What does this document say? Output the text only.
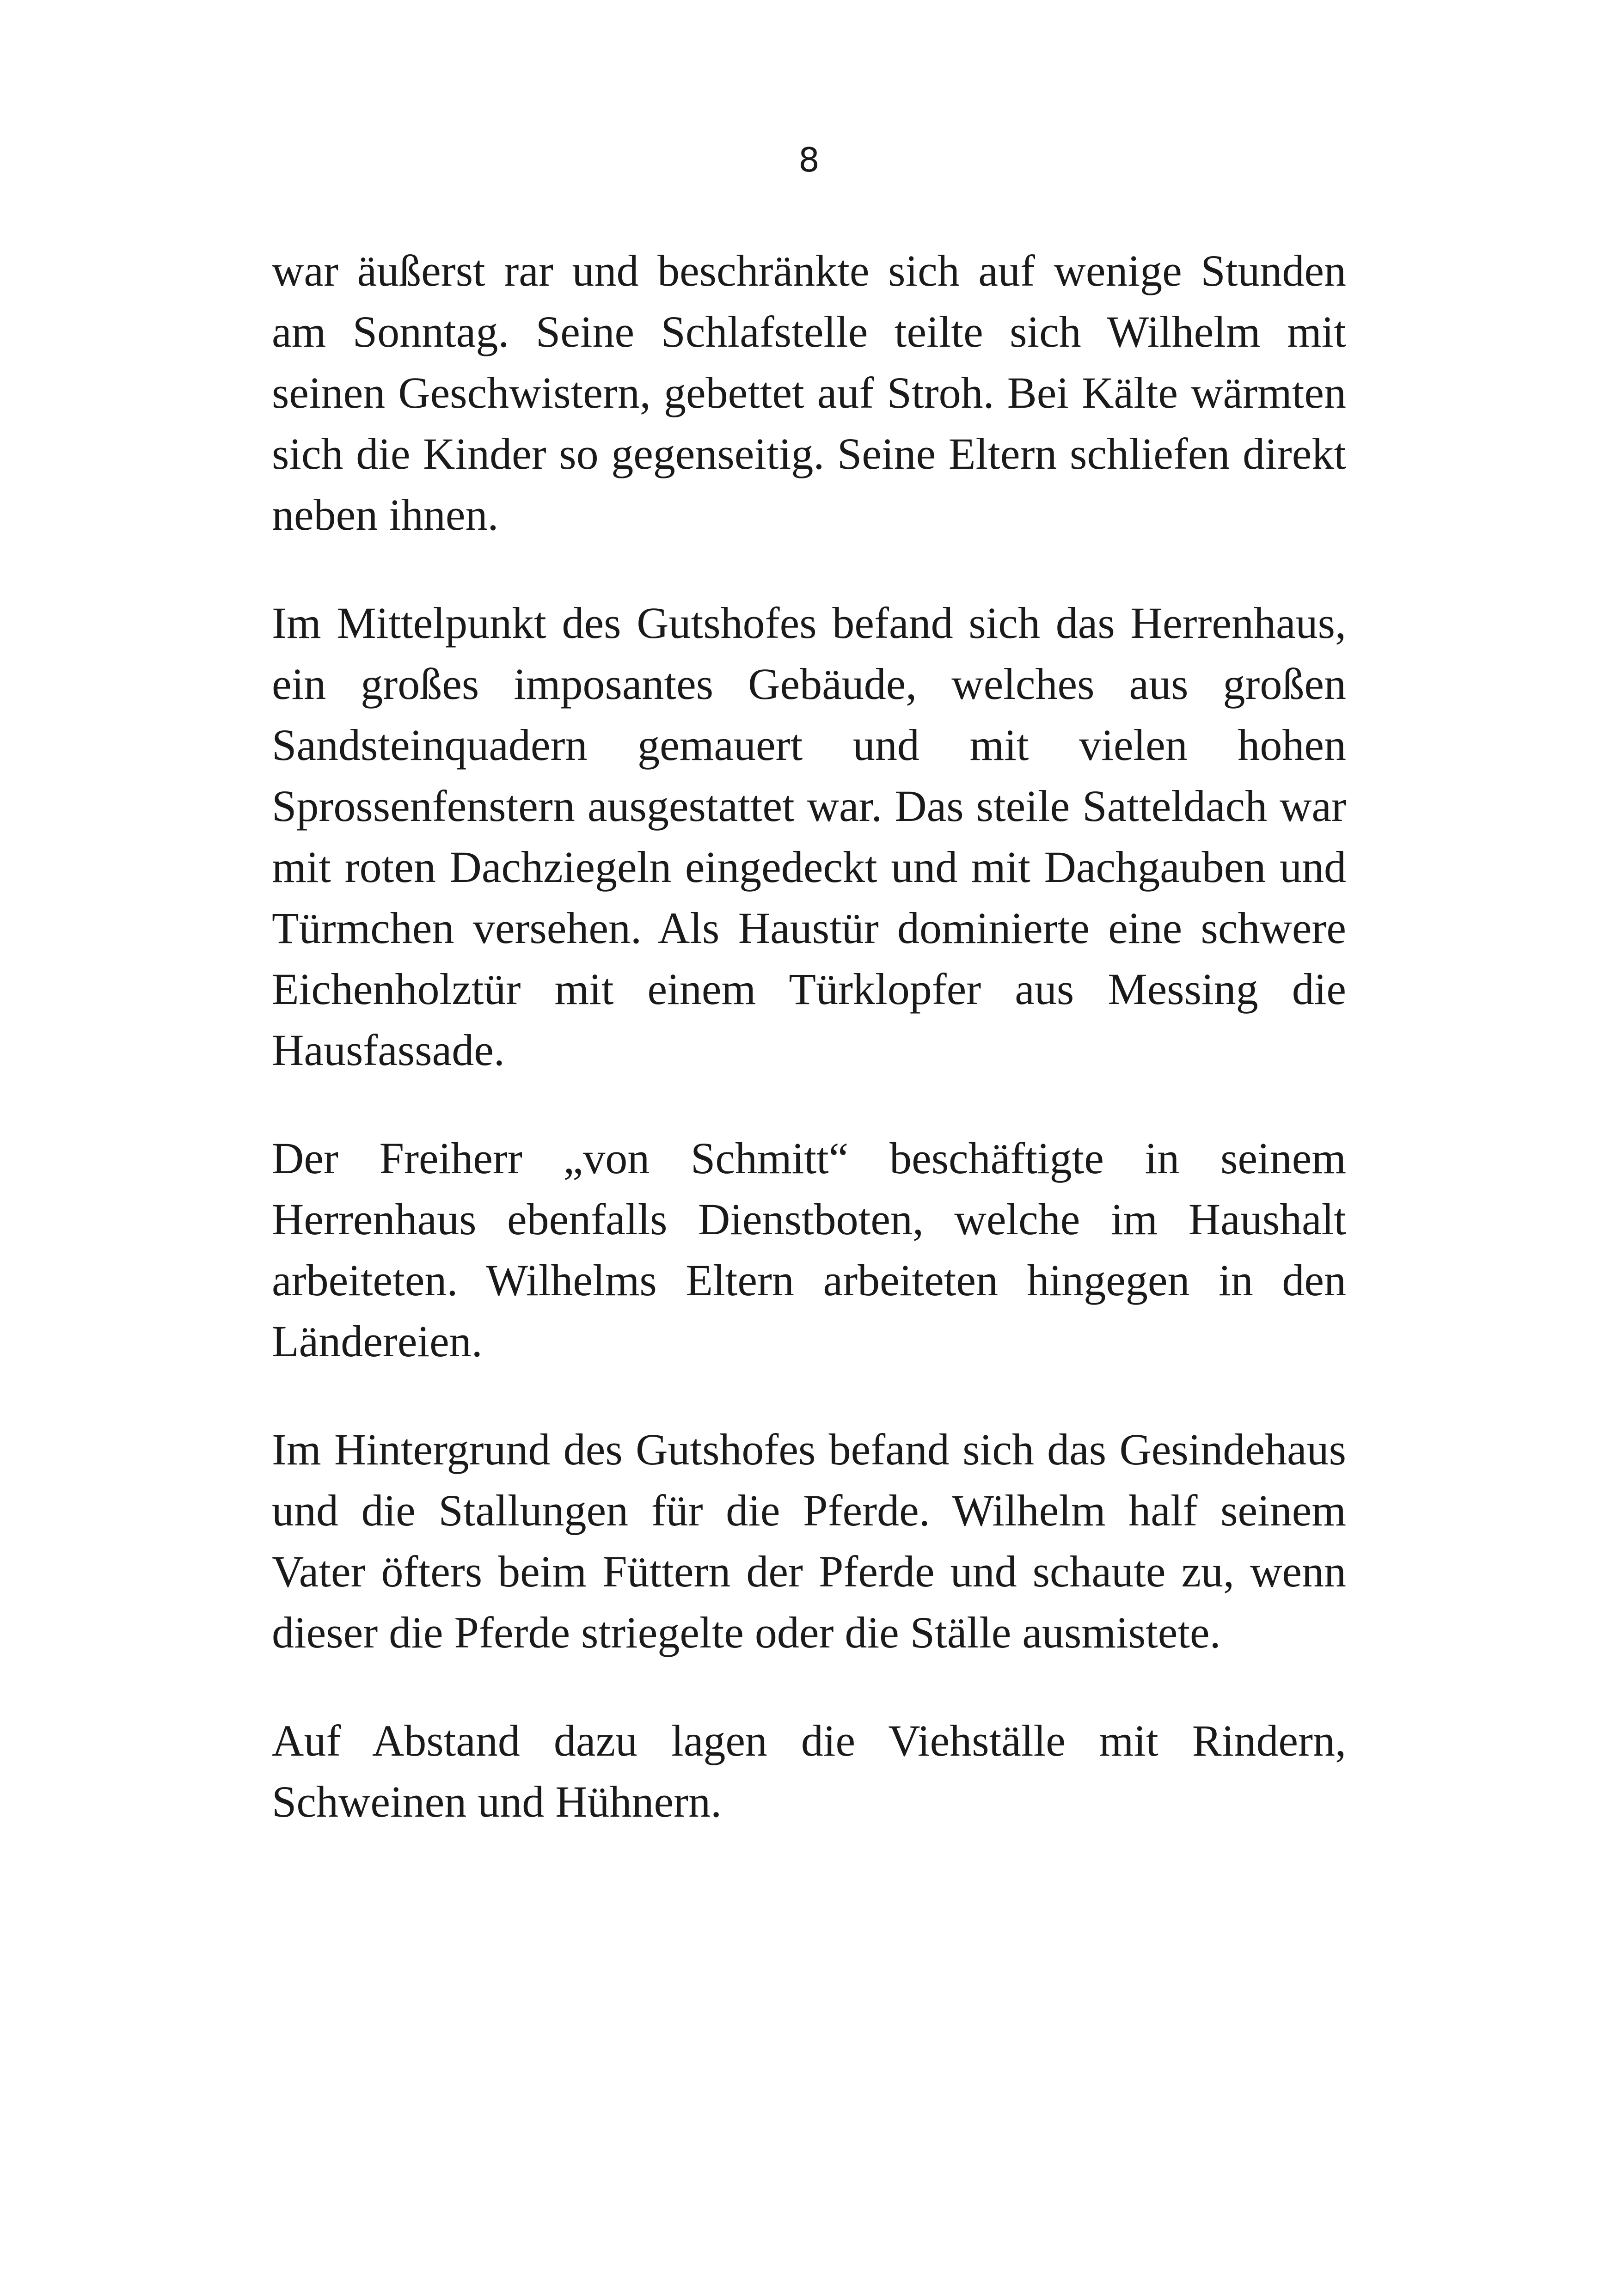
8

war äußerst rar und beschränkte sich auf wenige Stunden am Sonntag. Seine Schlafstelle teilte sich Wilhelm mit seinen Geschwistern, gebettet auf Stroh. Bei Kälte wärmten sich die Kinder so gegenseitig. Seine Eltern schliefen direkt neben ihnen.

Im Mittelpunkt des Gutshofes befand sich das Herrenhaus, ein großes imposantes Gebäude, welches aus großen Sandsteinquadern gemauert und mit vielen hohen Sprossenfenstern ausgestattet war. Das steile Satteldach war mit roten Dachziegeln eingedeckt und mit Dachgauben und Türmchen versehen. Als Haustür dominierte eine schwere Eichenholztür mit einem Türklopfer aus Messing die Hausfassade.

Der Freiherr „von Schmitt“ beschäftigte in seinem Herrenhaus ebenfalls Dienstboten, welche im Haushalt arbeiteten. Wilhelms Eltern arbeiteten hingegen in den Ländereien.

Im Hintergrund des Gutshofes befand sich das Gesindehaus und die Stallungen für die Pferde. Wilhelm half seinem Vater öfters beim Füttern der Pferde und schaute zu, wenn dieser die Pferde striegelte oder die Ställe ausmistete.

Auf Abstand dazu lagen die Viehställe mit Rindern, Schweinen und Hühnern.
